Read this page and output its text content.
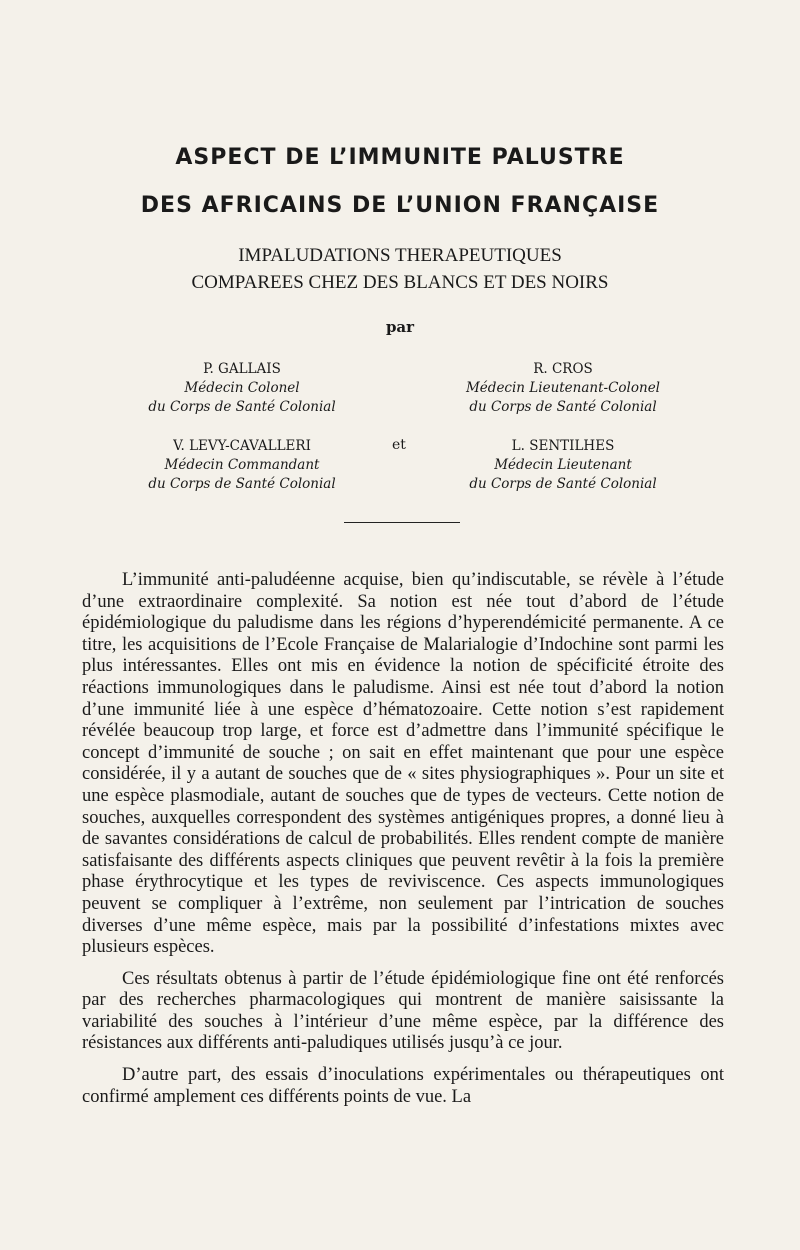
ASPECT DE L’IMMUNITE PALUSTRE
DES AFRICAINS DE L’UNION FRANÇAISE
IMPALUDATIONS THERAPEUTIQUES
COMPAREES CHEZ DES BLANCS ET DES NOIRS
par
P. GALLAIS
Médecin Colonel
du Corps de Santé Colonial
R. CROS
Médecin Lieutenant-Colonel
du Corps de Santé Colonial
et
V. LEVY-CAVALLERI
Médecin Commandant
du Corps de Santé Colonial
L. SENTILHES
Médecin Lieutenant
du Corps de Santé Colonial

L’immunité anti-paludéenne acquise, bien qu’indiscutable, se révèle à l’étude d’une extraordinaire complexité. Sa notion est née tout d’abord de l’étude épidémiologique du paludisme dans les régions d’hyperendémicité permanente. A ce titre, les acquisitions de l’Ecole Française de Malarialogie d’Indochine sont parmi les plus intéressantes. Elles ont mis en évidence la notion de spécificité étroite des réactions immunologiques dans le paludisme. Ainsi est née tout d’abord la notion d’une immunité liée à une espèce d’hématozoaire. Cette notion s’est rapidement révélée beaucoup trop large, et force est d’admettre dans l’immunité spécifique le concept d’immunité de souche ; on sait en effet maintenant que pour une espèce considérée, il y a autant de souches que de « sites physiographiques ». Pour un site et une espèce plasmodiale, autant de souches que de types de vecteurs. Cette notion de souches, auxquelles correspondent des systèmes antigéniques propres, a donné lieu à de savantes considérations de calcul de probabilités. Elles rendent compte de manière satisfaisante des différents aspects cliniques que peuvent revêtir à la fois la première phase érythrocytique et les types de reviviscence. Ces aspects immunologiques peuvent se compliquer à l’extrême, non seulement par l’intrication de souches diverses d’une même espèce, mais par la possibilité d’infestations mixtes avec plusieurs espèces.

Ces résultats obtenus à partir de l’étude épidémiologique fine ont été renforcés par des recherches pharmacologiques qui montrent de manière saisissante la variabilité des souches à l’intérieur d’une même espèce, par la différence des résistances aux différents anti-paludiques utilisés jusqu’à ce jour.

D’autre part, des essais d’inoculations expérimentales ou thérapeutiques ont confirmé amplement ces différents points de vue. La
